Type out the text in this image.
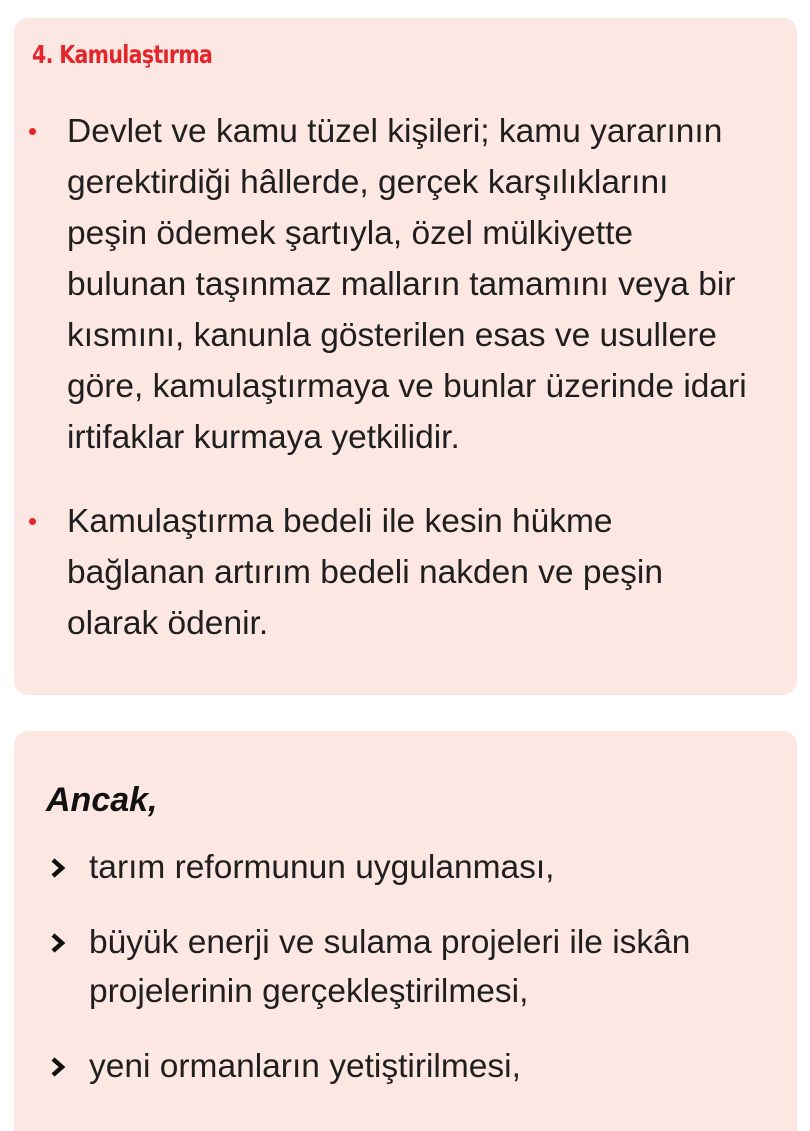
4. Kamulaştırma
Devlet ve kamu tüzel kişileri; kamu yararının gerektirdiği hâllerde, gerçek karşılıklarını peşin ödemek şartıyla, özel mülkiyette bulunan taşınmaz malların tamamını veya bir kısmını, kanunla gösterilen esas ve usullere göre, kamulaştırmaya ve bunlar üzerinde idari irtifaklar kurmaya yetkilidir.
Kamulaştırma bedeli ile kesin hükme bağlanan artırım bedeli nakden ve peşin olarak ödenir.

Ancak,

tarım reformunun uygulanması,
büyük enerji ve sulama projeleri ile iskân projelerinin gerçekleştirilmesi,
yeni ormanların yetiştirilmesi,
